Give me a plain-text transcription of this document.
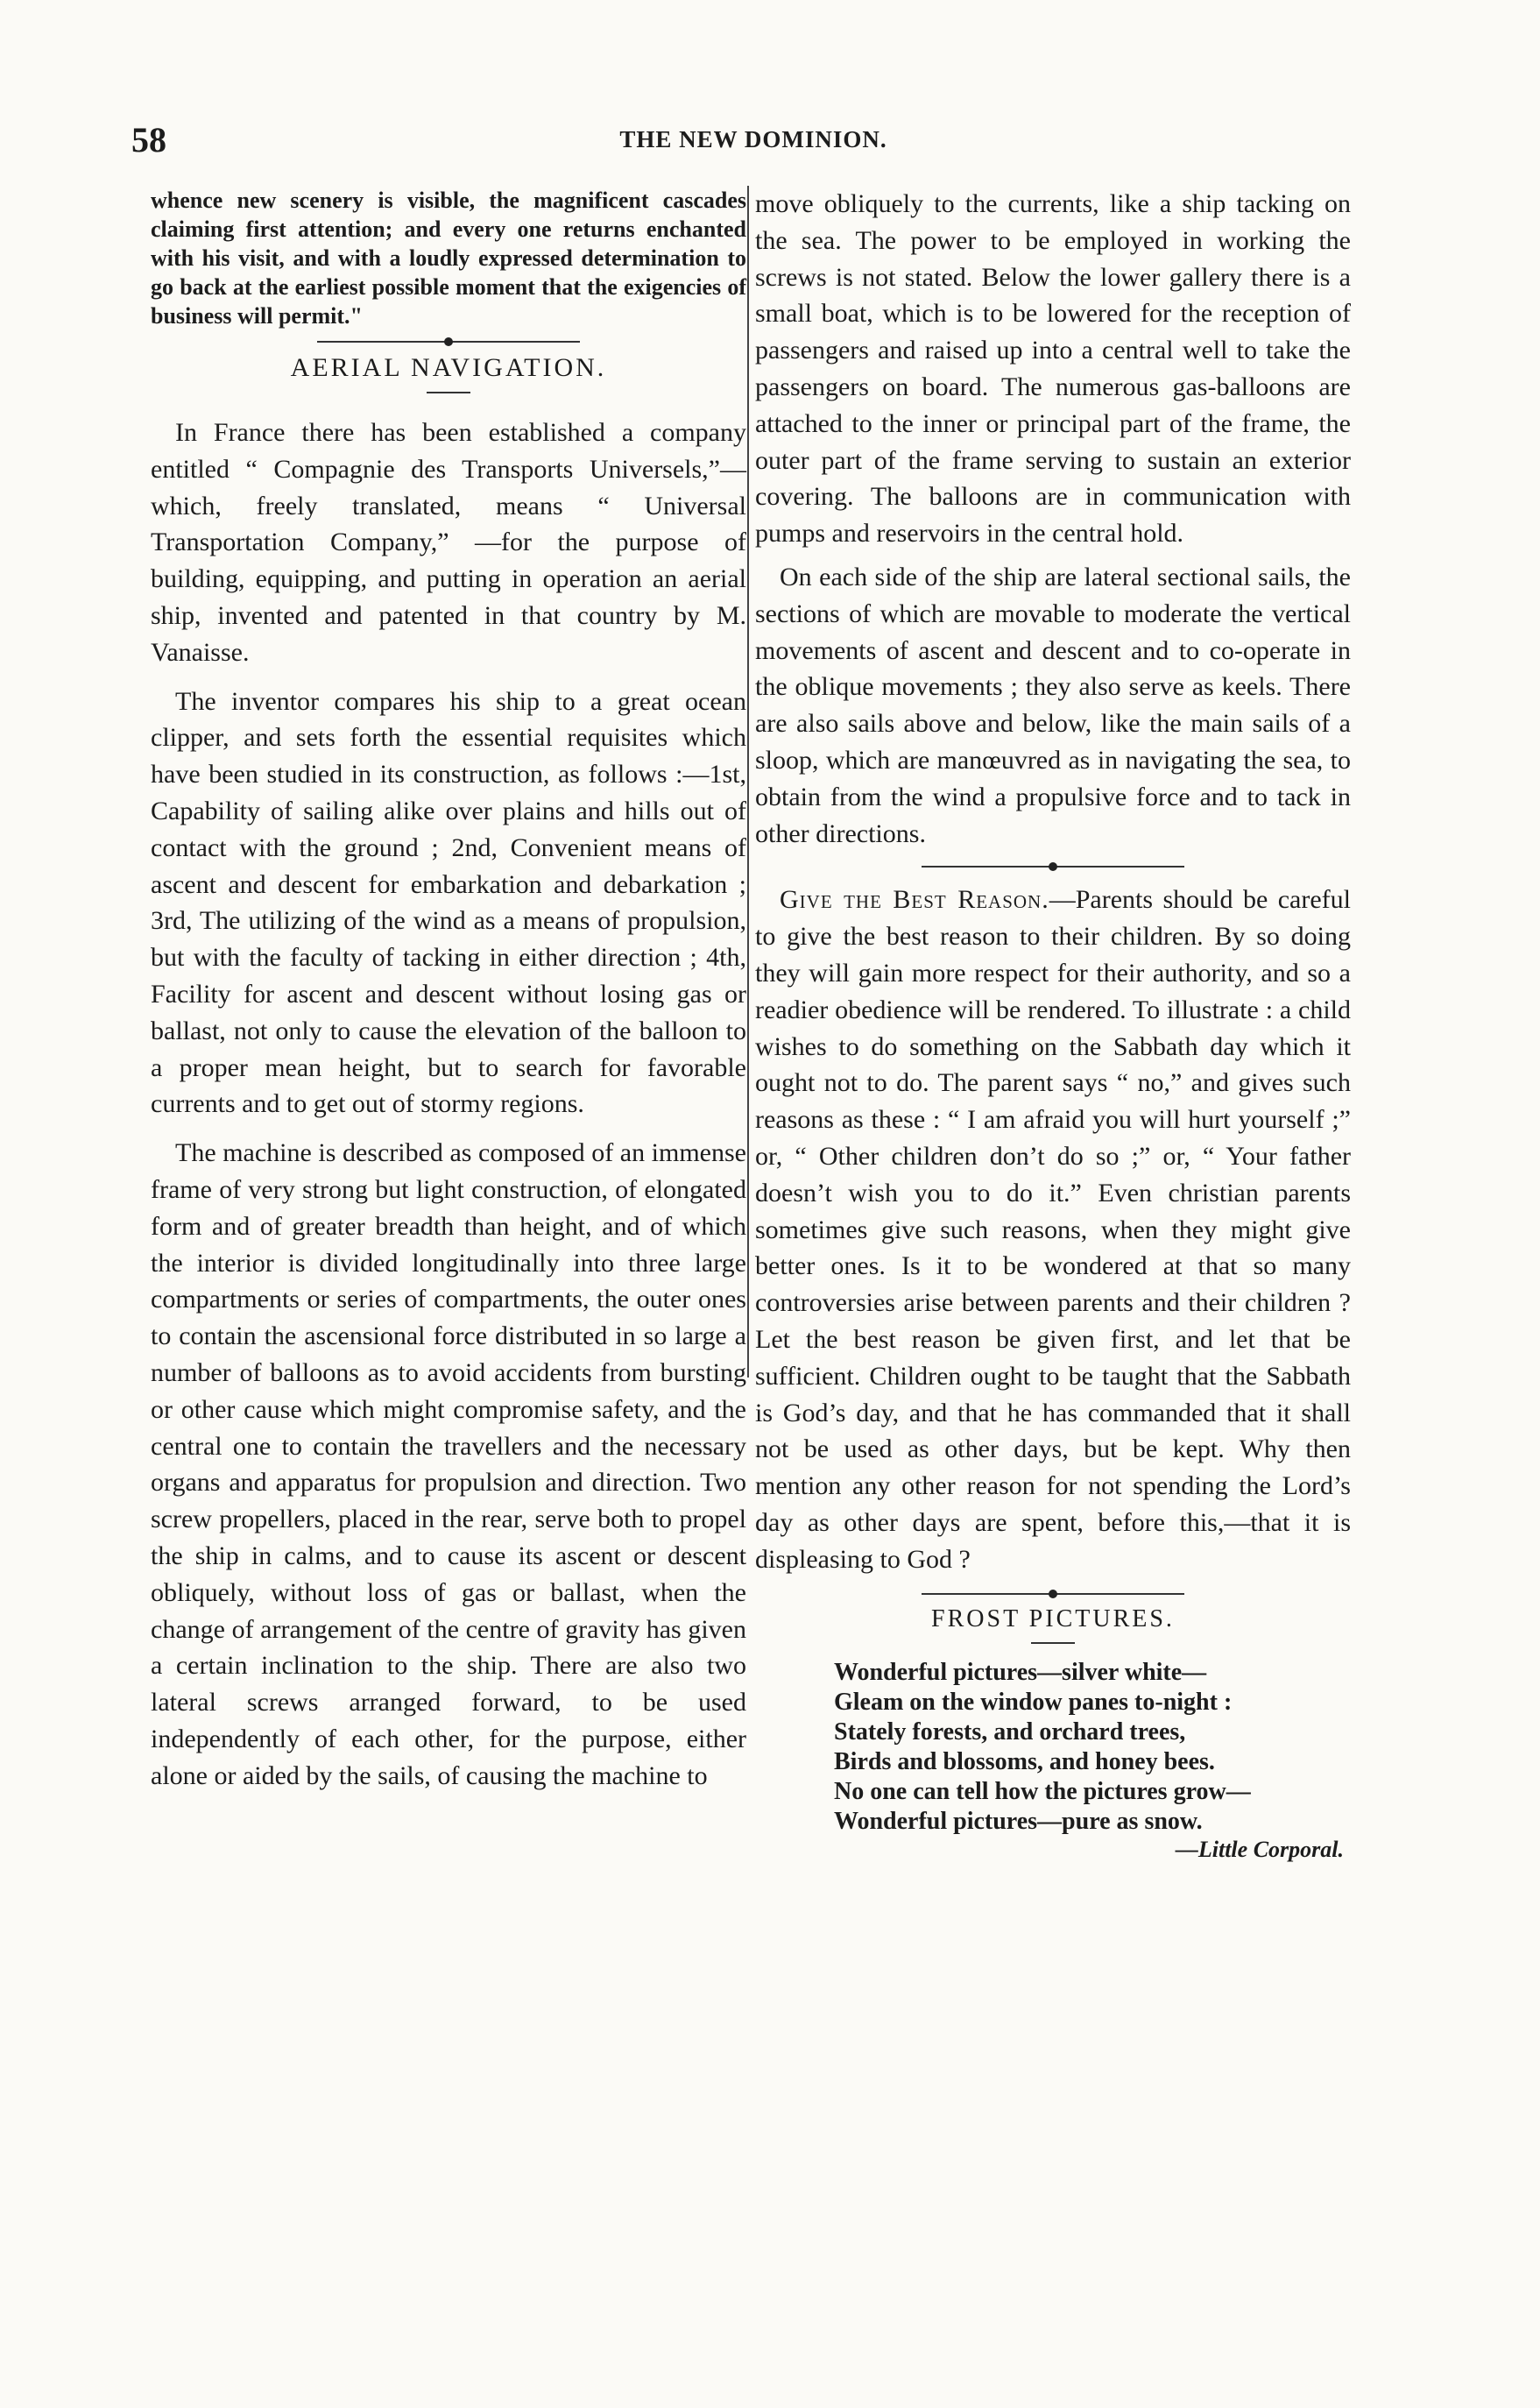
58	THE NEW DOMINION.

whence new scenery is visible, the magnificent cascades claiming first attention; and every one returns enchanted with his visit, and with a loudly expressed determination to go back at the earliest possible moment that the exigencies of business will permit."

AERIAL NAVIGATION.

In France there has been established a company entitled “ Compagnie des Transports Universels,”—which, freely translated, means “ Universal Transportation Company,” —for the purpose of building, equipping, and putting in operation an aerial ship, invented and patented in that country by M. Vanaisse.

The inventor compares his ship to a great ocean clipper, and sets forth the essential requisites which have been studied in its construction, as follows :—1st, Capability of sailing alike over plains and hills out of contact with the ground ; 2nd, Convenient means of ascent and descent for embarkation and debarkation ; 3rd, The utilizing of the wind as a means of propulsion, but with the faculty of tacking in either direction ; 4th, Facility for ascent and descent without losing gas or ballast, not only to cause the elevation of the balloon to a proper mean height, but to search for favorable currents and to get out of stormy regions.

The machine is described as composed of an immense frame of very strong but light construction, of elongated form and of greater breadth than height, and of which the interior is divided longitudinally into three large compartments or series of compartments, the outer ones to contain the ascensional force distributed in so large a number of balloons as to avoid accidents from bursting or other cause which might compromise safety, and the central one to contain the travellers and the necessary organs and apparatus for propulsion and direction. Two screw propellers, placed in the rear, serve both to propel the ship in calms, and to cause its ascent or descent obliquely, without loss of gas or ballast, when the change of arrangement of the centre of gravity has given a certain inclination to the ship. There are also two lateral screws arranged forward, to be used independently of each other, for the purpose, either alone or aided by the sails, of causing the machine to

move obliquely to the currents, like a ship tacking on the sea. The power to be employed in working the screws is not stated. Below the lower gallery there is a small boat, which is to be lowered for the reception of passengers and raised up into a central well to take the passengers on board. The numerous gas-balloons are attached to the inner or principal part of the frame, the outer part of the frame serving to sustain an exterior covering. The balloons are in communication with pumps and reservoirs in the central hold.

On each side of the ship are lateral sectional sails, the sections of which are movable to moderate the vertical movements of ascent and descent and to co-operate in the oblique movements ; they also serve as keels. There are also sails above and below, like the main sails of a sloop, which are manœuvred as in navigating the sea, to obtain from the wind a propulsive force and to tack in other directions.

Give the Best Reason.—Parents should be careful to give the best reason to their children. By so doing they will gain more respect for their authority, and so a readier obedience will be rendered. To illustrate : a child wishes to do something on the Sabbath day which it ought not to do. The parent says “ no,” and gives such reasons as these : “ I am afraid you will hurt yourself ;” or, “ Other children don’t do so ;” or, “ Your father doesn’t wish you to do it.” Even christian parents sometimes give such reasons, when they might give better ones. Is it to be wondered at that so many controversies arise between parents and their children ? Let the best reason be given first, and let that be sufficient. Children ought to be taught that the Sabbath is God’s day, and that he has commanded that it shall not be used as other days, but be kept. Why then mention any other reason for not spending the Lord’s day as other days are spent, before this,—that it is displeasing to God ?

FROST PICTURES.
Wonderful pictures—silver white—
Gleam on the window panes to-night :
Stately forests, and orchard trees,
Birds and blossoms, and honey bees.
No one can tell how the pictures grow—
Wonderful pictures—pure as snow.
—Little Corporal.
